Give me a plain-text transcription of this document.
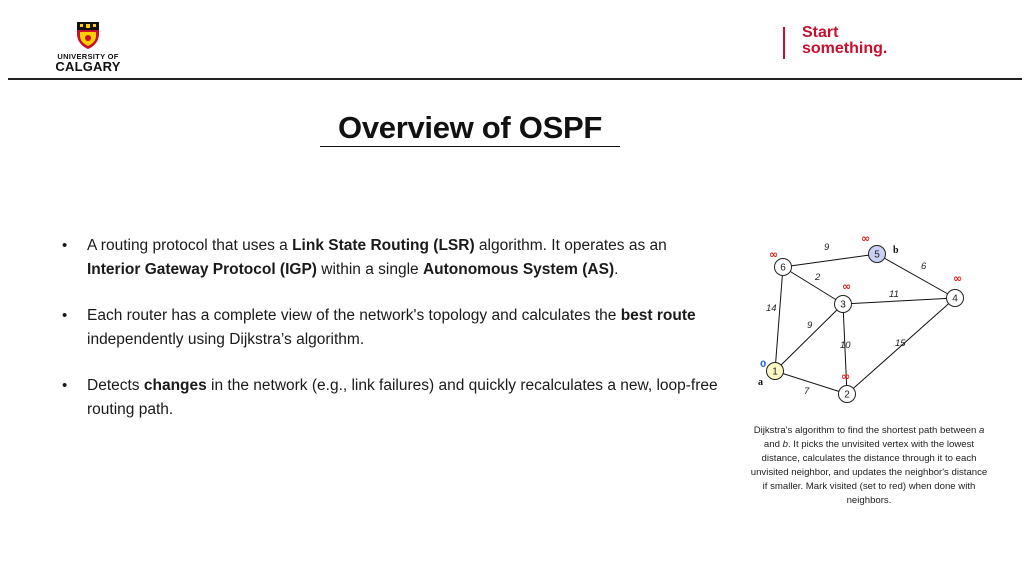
UNIVERSITY OF
CALGARY
Start
something.
Overview of OSPF
• A routing protocol that uses a Link State Routing (LSR) algorithm. It operates as an Interior Gateway Protocol (IGP) within a single Autonomous System (AS).
• Each router has a complete view of the network's topology and calculates the best route independently using Dijkstra’s algorithm.
• Detects changes in the network (e.g., link failures) and quickly recalculates a new, loop-free routing path.
7
9
14
10	15
11
2
6
9
1
0
a
2
∞
3
∞
4
∞
5
∞
b
6
∞
Dijkstra's algorithm to find the shortest path between a and b. It picks the unvisited vertex with the lowest distance, calculates the distance through it to each unvisited neighbor, and updates the neighbor's distance if smaller. Mark visited (set to red) when done with neighbors.
